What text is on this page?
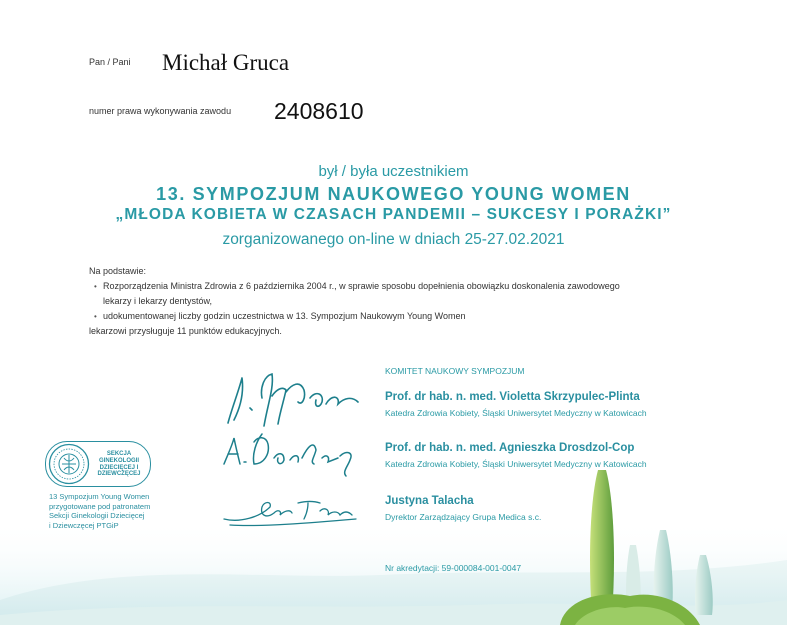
Pan / Pani Michał Gruca
numer prawa wykonywania zawodu 2408610
był / była uczestnikiem
13. SYMPOZJUM NAUKOWEGO YOUNG WOMEN
„MŁODA KOBIETA W CZASACH PANDEMII – SUKCESY I PORAŻKI”
zorganizowanego on-line w dniach 25-27.02.2021
Na podstawie:
• Rozporządzenia Ministra Zdrowia z 6 października 2004 r., w sprawie sposobu dopełnienia obowiązku doskonalenia zawodowego
lekarzy i lekarzy dentystów,
• udokumentowanej liczby godzin uczestnictwa w 13. Sympozjum Naukowym Young Women
lekarzowi przysługuje 11 punktów edukacyjnych.
KOMITET NAUKOWY SYMPOZJUM
Prof. dr hab. n. med. Violetta Skrzypulec-Plinta
Katedra Zdrowia Kobiety, Śląski Uniwersytet Medyczny w Katowicach
Prof. dr hab. n. med. Agnieszka Drosdzol-Cop
Katedra Zdrowia Kobiety, Śląski Uniwersytet Medyczny w Katowicach
Justyna Talacha
Dyrektor Zarządzający Grupa Medica s.c.
SEKCJA GINEKOLOGII DZIECIĘCEJ I DZIEWCZĘCEJ
13 Sympozjum Young Women
przygotowane pod patronatem
Sekcji Ginekologii Dziecięcej
i Dziewczęcej PTGiP
Nr akredytacji: 59-000084-001-0047
